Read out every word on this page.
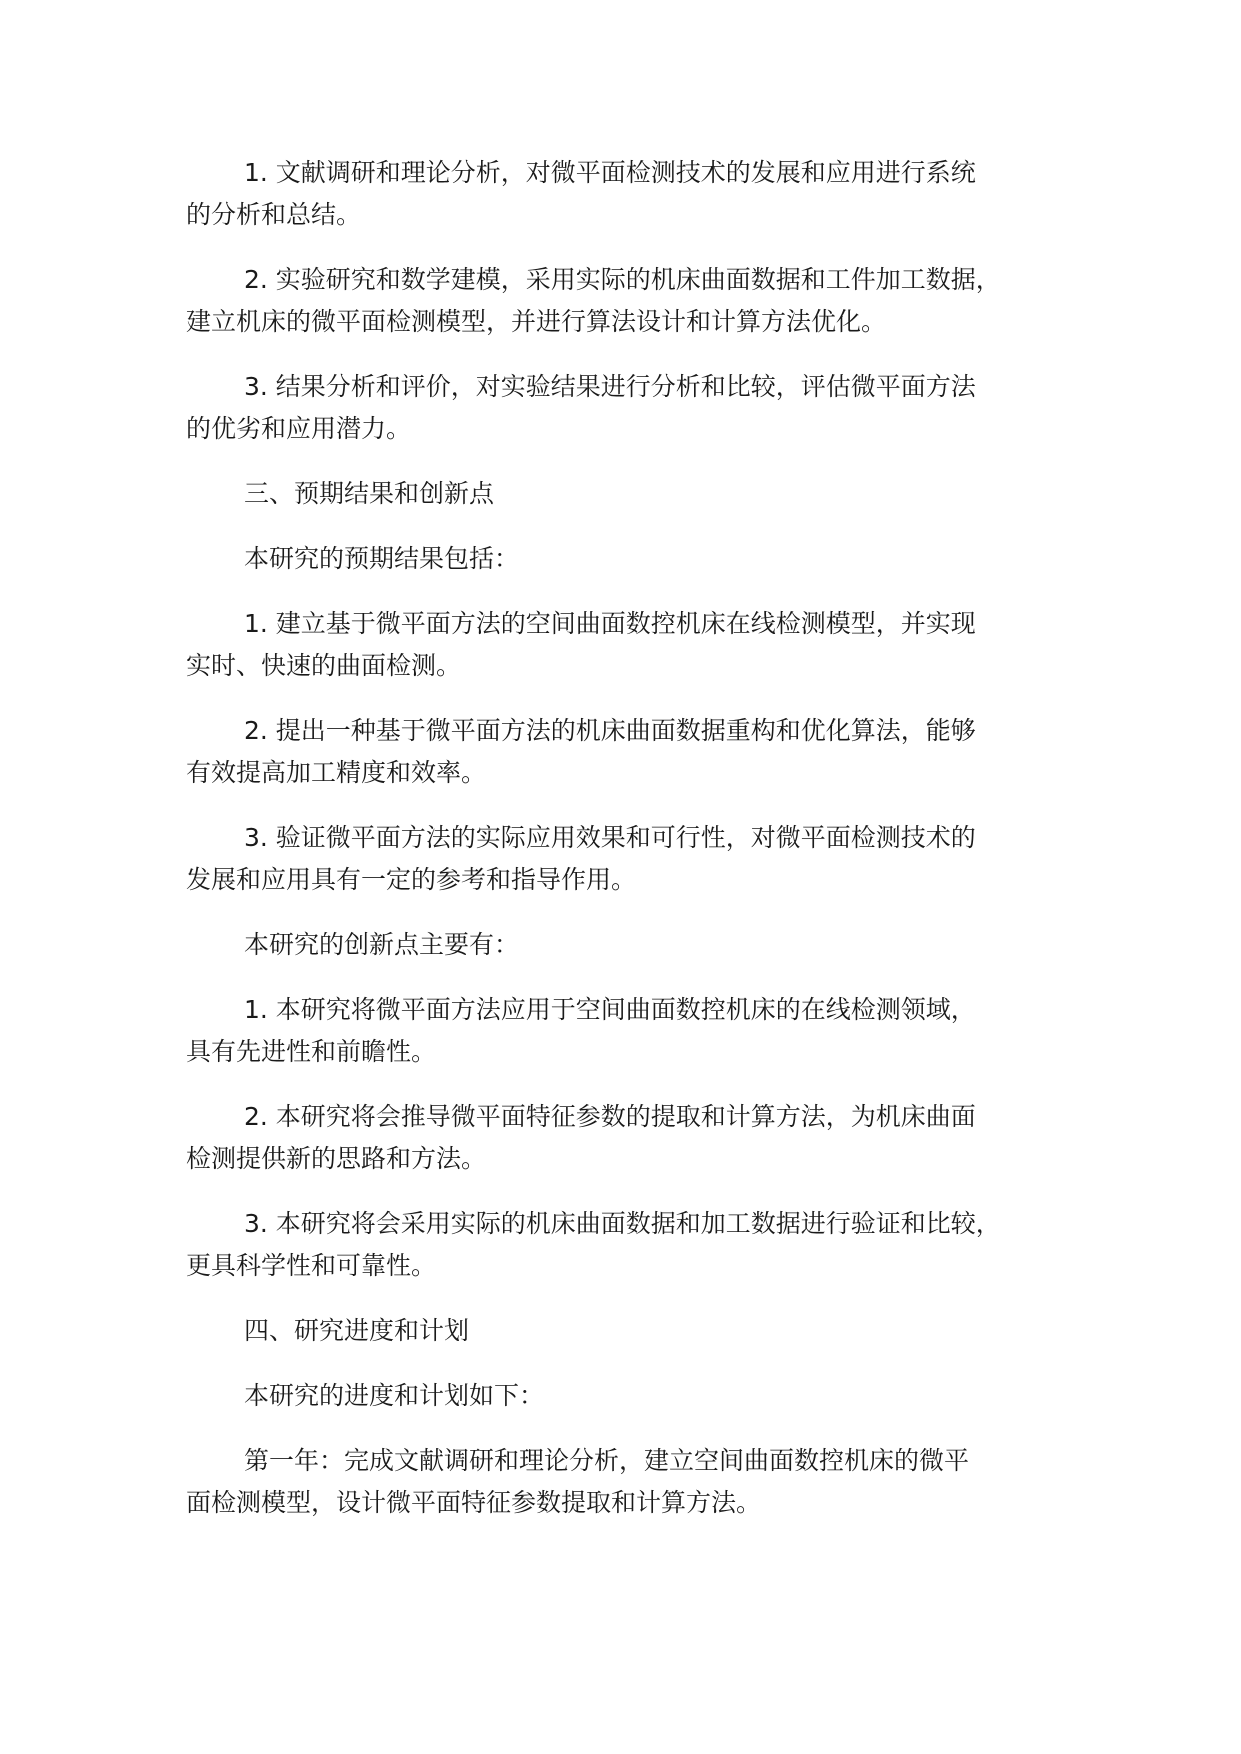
1. 文献调研和理论分析，对微平面检测技术的发展和应用进行系统
的分析和总结。

2. 实验研究和数学建模，采用实际的机床曲面数据和工件加工数据，
建立机床的微平面检测模型，并进行算法设计和计算方法优化。

3. 结果分析和评价，对实验结果进行分析和比较，评估微平面方法
的优劣和应用潜力。

三、预期结果和创新点

本研究的预期结果包括：

1. 建立基于微平面方法的空间曲面数控机床在线检测模型，并实现
实时、快速的曲面检测。

2. 提出一种基于微平面方法的机床曲面数据重构和优化算法，能够
有效提高加工精度和效率。

3. 验证微平面方法的实际应用效果和可行性，对微平面检测技术的
发展和应用具有一定的参考和指导作用。

本研究的创新点主要有：

1. 本研究将微平面方法应用于空间曲面数控机床的在线检测领域，
具有先进性和前瞻性。

2. 本研究将会推导微平面特征参数的提取和计算方法，为机床曲面
检测提供新的思路和方法。

3. 本研究将会采用实际的机床曲面数据和加工数据进行验证和比较，
更具科学性和可靠性。

四、研究进度和计划

本研究的进度和计划如下：

第一年：完成文献调研和理论分析，建立空间曲面数控机床的微平
面检测模型，设计微平面特征参数提取和计算方法。
